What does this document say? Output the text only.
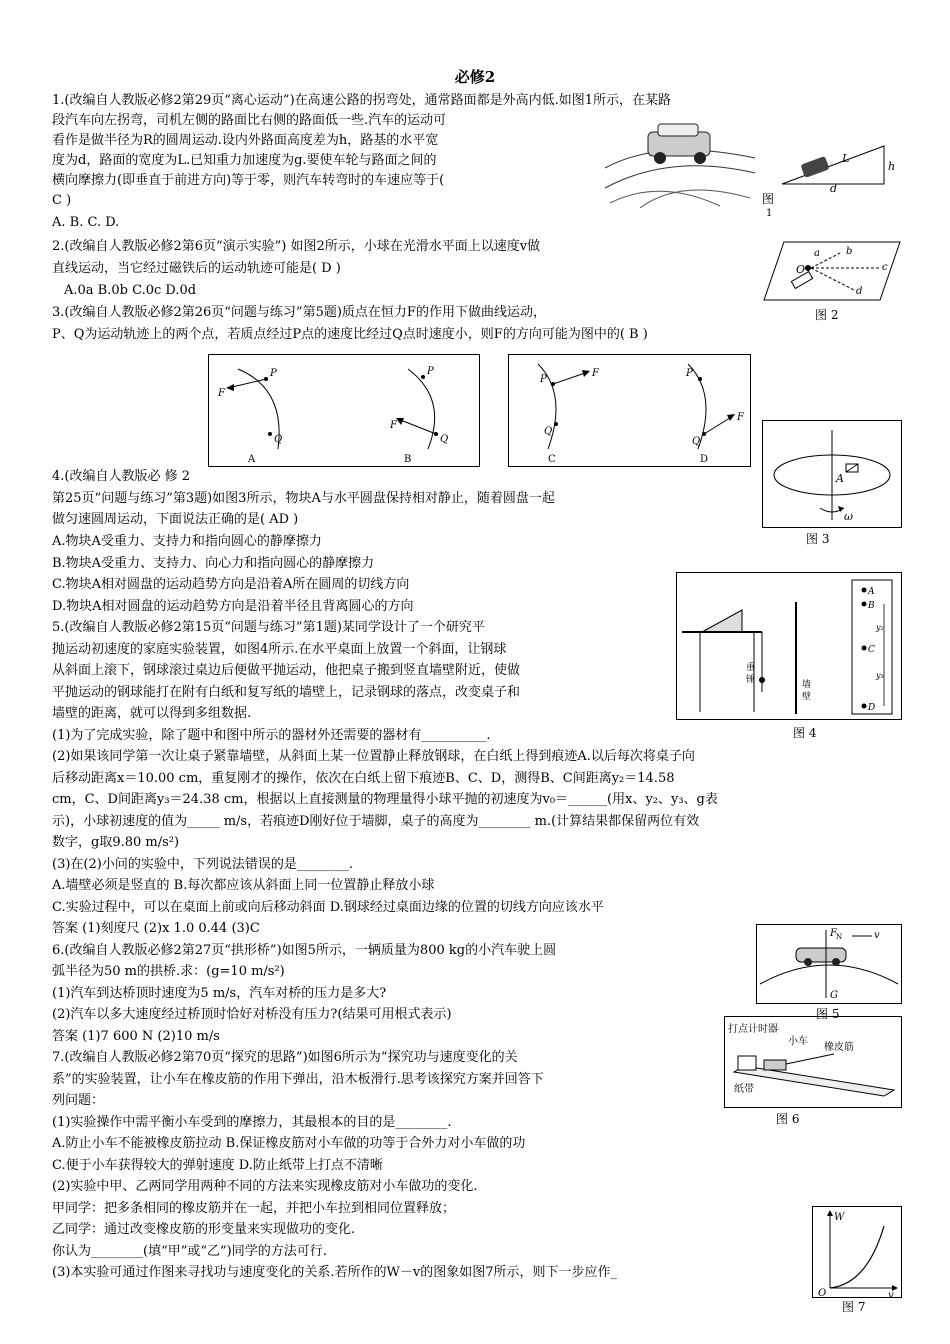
必修2
1.(改编自人教版必修2第29页“离心运动”)在高速公路的拐弯处，通常路面都是外高内低.如图1所示，在某路
段汽车向左拐弯，司机左侧的路面比右侧的路面低一些.汽车的运动可
看作是做半径为R的圆周运动.设内外路面高度差为h，路基的水平宽
度为d，路面的宽度为L.已知重力加速度为g.要使车轮与路面之间的
横向摩擦力(即垂直于前进方向)等于零，则汽车转弯时的车速应等于(
C )
A. B. C. D.
2.(改编自人教版必修2第6页“演示实验”) 如图2所示，小球在光滑水平面上以速度v做
直线运动，当它经过磁铁后的运动轨迹可能是( D )
A.0a B.0b C.0c D.0d
3.(改编自人教版必修2第26页“问题与练习”第5题)质点在恒力F的作用下做曲线运动，
P、Q为运动轨迹上的两个点，若质点经过P点的速度比经过Q点时速度小，则F的方向可能为图中的( B )
4.(改编自人教版必 修 2
第25页“问题与练习”第3题)如图3所示，物块A与水平圆盘保持相对静止，随着圆盘一起
做匀速圆周运动，下面说法正确的是( AD )
A.物块A受重力、支持力和指向圆心的静摩擦力
B.物块A受重力、支持力、向心力和指向圆心的静摩擦力
C.物块A相对圆盘的运动趋势方向是沿着A所在圆周的切线方向
D.物块A相对圆盘的运动趋势方向是沿着半径且背离圆心的方向
5.(改编自人教版必修2第15页“问题与练习”第1题)某同学设计了一个研究平
抛运动初速度的家庭实验装置，如图4所示.在水平桌面上放置一个斜面，让钢球
从斜面上滚下，钢球滚过桌边后便做平抛运动，他把桌子搬到竖直墙壁附近，使做
平抛运动的钢球能打在附有白纸和复写纸的墙壁上，记录钢球的落点，改变桌子和
墙壁的距离，就可以得到多组数据.
(1)为了完成实验，除了题中和图中所示的器材外还需要的器材有__________.
(2)如果该同学第一次让桌子紧靠墙壁，从斜面上某一位置静止释放钢球，在白纸上得到痕迹A.以后每次将桌子向
后移动距离x＝10.00 cm，重复刚才的操作，依次在白纸上留下痕迹B、C、D，测得B、C间距离y₂＝14.58
cm，C、D间距离y₃＝24.38 cm，根据以上直接测量的物理量得小球平抛的初速度为v₀＝______(用x、y₂、y₃、g表
示)，小球初速度的值为_____ m/s，若痕迹D刚好位于墙脚，桌子的高度为________ m.(计算结果都保留两位有效
数字，g取9.80 m/s²)
(3)在(2)小问的实验中，下列说法错误的是________.
A.墙壁必须是竖直的 B.每次都应该从斜面上同一位置静止释放小球
C.实验过程中，可以在桌面上前或向后移动斜面 D.钢球经过桌面边缘的位置的切线方向应该水平
答案 (1)刻度尺 (2)x 1.0 0.44 (3)C
6.(改编自人教版必修2第27页“拱形桥”)如图5所示，一辆质量为800 kg的小汽车驶上圆
弧半径为50 m的拱桥.求：(g=10 m/s²)
(1)汽车到达桥顶时速度为5 m/s，汽车对桥的压力是多大?
(2)汽车以多大速度经过桥顶时恰好对桥没有压力?(结果可用根式表示)
答案 (1)7 600 N (2)10 m/s
7.(改编自人教版必修2第70页“探究的思路”)如图6所示为“探究功与速度变化的关
系”的实验装置，让小车在橡皮筋的作用下弹出，沿木板滑行.思考该探究方案并回答下
列问题：
(1)实验操作中需平衡小车受到的摩擦力，其最根本的目的是________.
A.防止小车不能被橡皮筋拉动 B.保证橡皮筋对小车做的功等于合外力对小车做的功
C.便于小车获得较大的弹射速度 D.防止纸带上打点不清晰
(2)实验中甲、乙两同学用两种不同的方法来实现橡皮筋对小车做功的变化.
甲同学：把多条相同的橡皮筋并在一起，并把小车拉到相同位置释放；
乙同学：通过改变橡皮筋的形变量来实现做功的变化.
你认为________(填“甲”或“乙”)同学的方法可行.
(3)本实验可通过作图来寻找功与速度变化的关系.若所作的W－v的图象如图7所示，则下一步应作_
L
h
d
图
1
O
a	b
c
d
图 2
P
Q
F
A
P
Q
F
B
P
Q
F
C
P
Q
F
D
A
ω
图 3
重
锤	墙
壁
A
B
C
D
y₂
y₃
图 4
F N	v
G
图 5
打点计时器
小车
橡皮筋
纸带
图 6
W
O	v
图 7
